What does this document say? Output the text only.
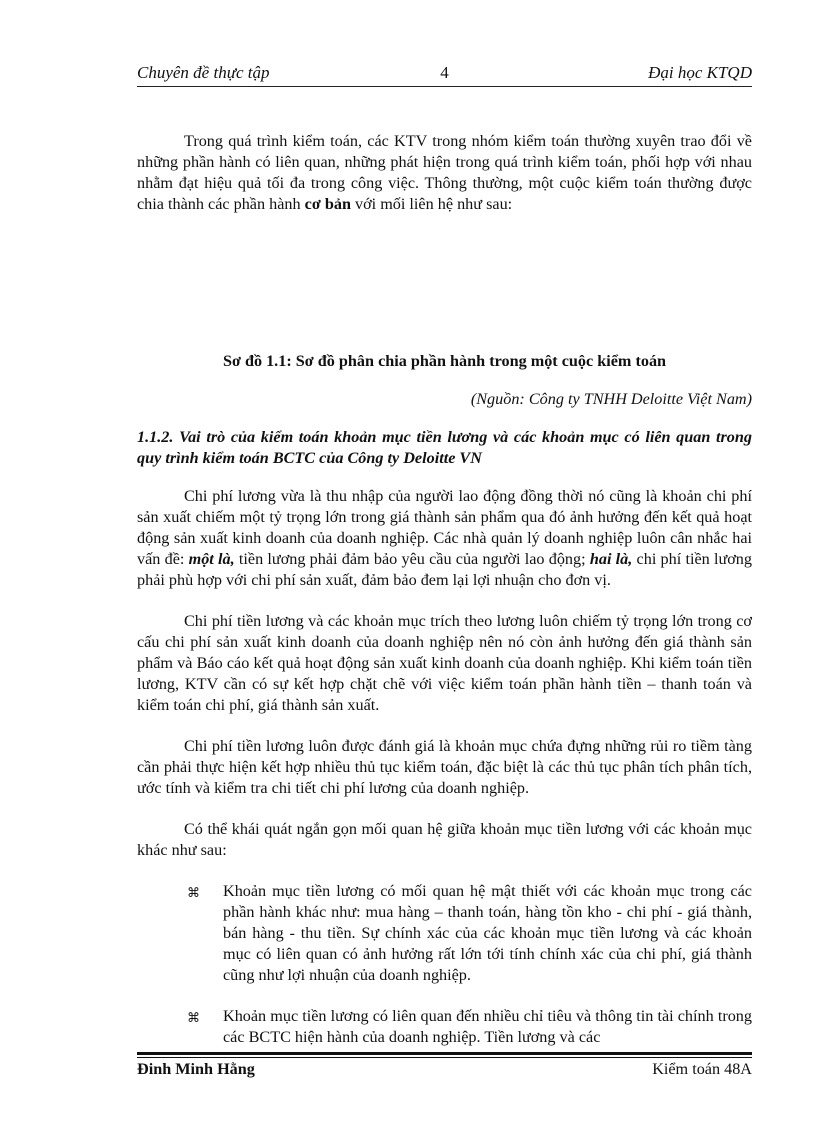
Chuyên đề thực tập	4	Đại học KTQD

Trong quá trình kiểm toán, các KTV trong nhóm kiểm toán thường xuyên trao đổi về những phần hành có liên quan, những phát hiện trong quá trình kiểm toán, phối hợp với nhau nhằm đạt hiệu quả tối đa trong công việc. Thông thường, một cuộc kiểm toán thường được chia thành các phần hành cơ bản với mối liên hệ như sau:

Sơ đồ 1.1: Sơ đồ phân chia phần hành trong một cuộc kiểm toán

(Nguồn: Công ty TNHH Deloitte Việt Nam)

1.1.2. Vai trò của kiểm toán khoản mục tiền lương và các khoản mục có liên quan trong quy trình kiểm toán BCTC của Công ty Deloitte VN

Chi phí lương vừa là thu nhập của người lao động đồng thời nó cũng là khoản chi phí sản xuất chiếm một tỷ trọng lớn trong giá thành sản phẩm qua đó ảnh hưởng đến kết quả hoạt động sản xuất kinh doanh của doanh nghiệp. Các nhà quản lý doanh nghiệp luôn cân nhắc hai vấn đề: một là, tiền lương phải đảm bảo yêu cầu của người lao động; hai là, chi phí tiền lương phải phù hợp với chi phí sản xuất, đảm bảo đem lại lợi nhuận cho đơn vị.

Chi phí tiền lương và các khoản mục trích theo lương luôn chiếm tỷ trọng lớn trong cơ cấu chi phí sản xuất kinh doanh của doanh nghiệp nên nó còn ảnh hưởng đến giá thành sản phẩm và Báo cáo kết quả hoạt động sản xuất kinh doanh của doanh nghiệp. Khi kiểm toán tiền lương, KTV cần có sự kết hợp chặt chẽ với việc kiểm toán phần hành tiền – thanh toán và kiểm toán chi phí, giá thành sản xuất.

Chi phí tiền lương luôn được đánh giá là khoản mục chứa đựng những rủi ro tiềm tàng cần phải thực hiện kết hợp nhiều thủ tục kiểm toán, đặc biệt là các thủ tục phân tích phân tích, ước tính và kiểm tra chi tiết chi phí lương của doanh nghiệp.

Có thể khái quát ngắn gọn mối quan hệ giữa khoản mục tiền lương với các khoản mục khác như sau:

⌘ Khoản mục tiền lương có mối quan hệ mật thiết với các khoản mục trong các phần hành khác như: mua hàng – thanh toán, hàng tồn kho - chi phí - giá thành, bán hàng - thu tiền. Sự chính xác của các khoản mục tiền lương và các khoản mục có liên quan có ảnh hưởng rất lớn tới tính chính xác của chi phí, giá thành cũng như lợi nhuận của doanh nghiệp.
⌘ Khoản mục tiền lương có liên quan đến nhiều chỉ tiêu và thông tin tài chính trong các BCTC hiện hành của doanh nghiệp. Tiền lương và các
Đinh Minh Hằng	Kiểm toán 48A
